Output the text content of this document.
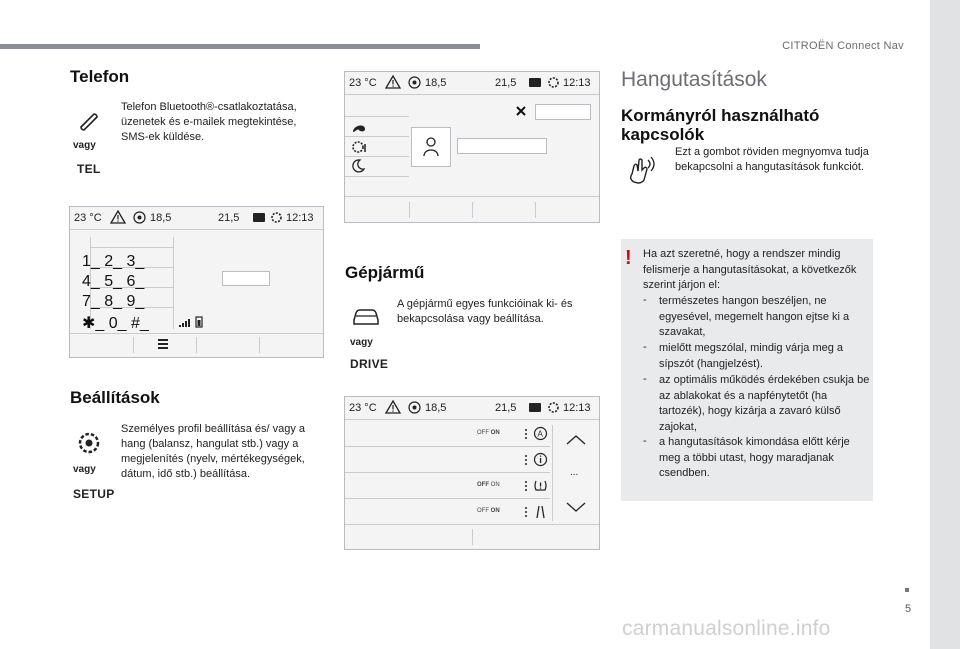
CITROËN Connect Nav
5
carmanualsonline.info
Telefon
vagy
TEL
Telefon Bluetooth®-csatlakoztatása, üzenetek és e-mailek megtekintése, SMS-ek küldése.
23 °C	18,5	21,5	12:13
1_ 2_ 3_
4_ 5_ 6_
7_ 8_ 9_
✱_ 0_ #_
Beállítások
vagy
SETUP
Személyes profil beállítása és/ vagy a hang (balansz, hangulat stb.) vagy a megjelenítés (nyelv, mértékegységek, dátum, idő stb.) beállítása.
23 °C	18,5	21,5	12:13
Gépjármű
vagy
DRIVE
A gépjármű egyes funkcióinak ki- és bekapcsolása vagy beállítása.
23 °C	18,5	21,5	12:13
OFF ON	A
OFF ON
OFF ON
...
Hangutasítások
Kormányról használható kapcsolók
Ezt a gombot röviden megnyomva tudja bekapcsolni a hangutasítások funkciót.
! Ha azt szeretné, hogy a rendszer mindig felismerje a hangutasításokat, a következők szerint járjon el:
- természetes hangon beszéljen, ne egyesével, megemelt hangon ejtse ki a szavakat,
- mielőtt megszólal, mindig várja meg a sípszót (hangjelzést).
- az optimális működés érdekében csukja be az ablakokat és a napfénytetőt (ha tartozék), hogy kizárja a zavaró külső zajokat,
- a hangutasítások kimondása előtt kérje meg a többi utast, hogy maradjanak csendben.
